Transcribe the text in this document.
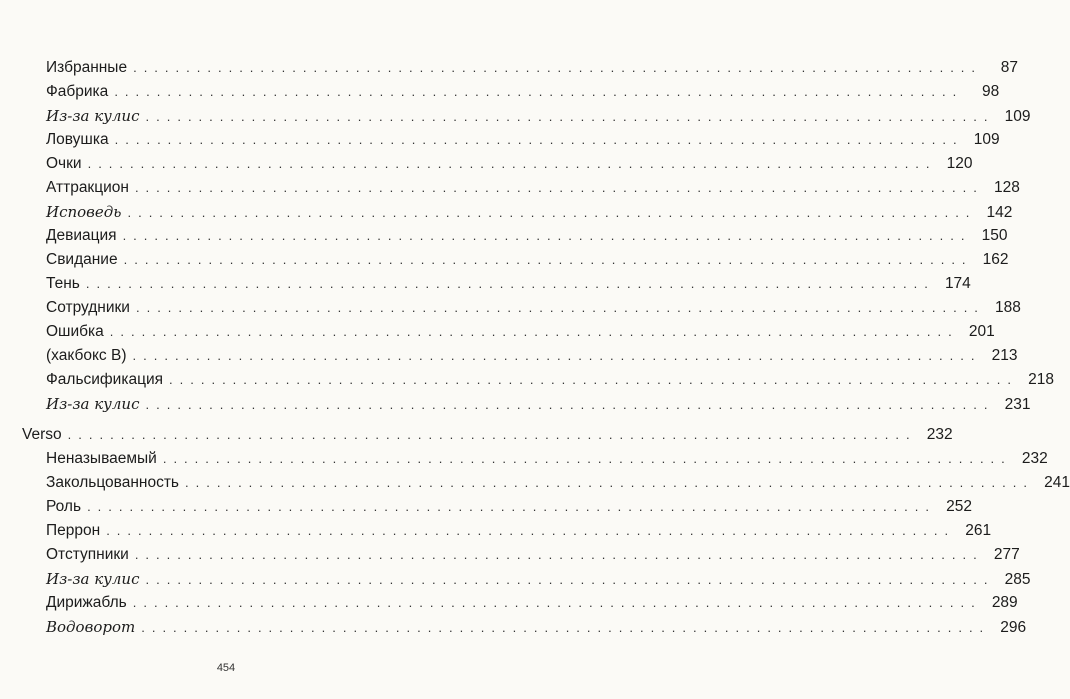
Избранные ................................................................................	87
Фабрика ................................................................................	98
Из-за кулис ................................................................................ 109
Ловушка ................................................................................ 109
Очки ................................................................................ 120
Аттракцион ................................................................................ 128
Исповедь ................................................................................ 142
Девиация ................................................................................ 150
Свидание ................................................................................ 162
Тень ................................................................................ 174
Сотрудники ................................................................................ 188
Ошибка ................................................................................ 201
(хакбокс В) ................................................................................ 213
Фальсификация ................................................................................ 218
Из-за кулис ................................................................................ 231
Verso ................................................................................ 232
Неназываемый ................................................................................ 232
Закольцованность ................................................................................ 241
Роль ................................................................................ 252
Перрон ................................................................................ 261
Отступники ................................................................................ 277
Из-за кулис ................................................................................ 285
Дирижабль ................................................................................ 289
Водоворот ................................................................................ 296
454
